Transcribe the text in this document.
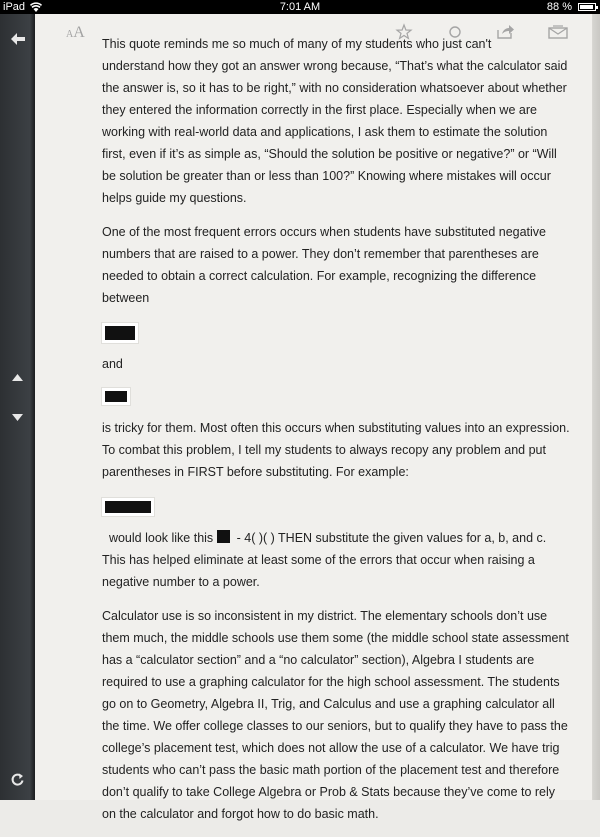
iPad	7:01 AM	88 %
AA

This quote reminds me so much of many of my students who just can't

understand how they got an answer wrong because, “That’s what the calculator said the answer is, so it has to be right,” with no consideration whatsoever about whether they entered the information correctly in the first place. Especially when we are working with real-world data and applications, I ask them to estimate the solution first, even if it’s as simple as, “Should the solution be positive or negative?” or “Will be solution be greater than or less than 100?” Knowing where mistakes will occur helps guide my questions.

One of the most frequent errors occurs when students have substituted negative numbers that are raised to a power. They don’t remember that parentheses are needed to obtain a correct calculation. For example, recognizing the difference between

and

is tricky for them. Most often this occurs when substituting values into an expression. To combat this problem, I tell my students to always recopy any problem and put parentheses in FIRST before substituting. For example:

would look like this - 4( )( ) THEN substitute the given values for a, b, and c. This has helped eliminate at least some of the errors that occur when raising a negative number to a power.

Calculator use is so inconsistent in my district. The elementary schools don’t use them much, the middle schools use them some (the middle school state assessment has a “calculator section” and a “no calculator” section), Algebra I students are required to use a graphing calculator for the high school assessment. The students go on to Geometry, Algebra II, Trig, and Calculus and use a graphing calculator all the time. We offer college classes to our seniors, but to qualify they have to pass the college’s placement test, which does not allow the use of a calculator. We have trig students who can’t pass the basic math portion of the placement test and therefore don’t qualify to take College Algebra or Prob & Stats because they’ve come to rely on the calculator and forgot how to do basic math.
